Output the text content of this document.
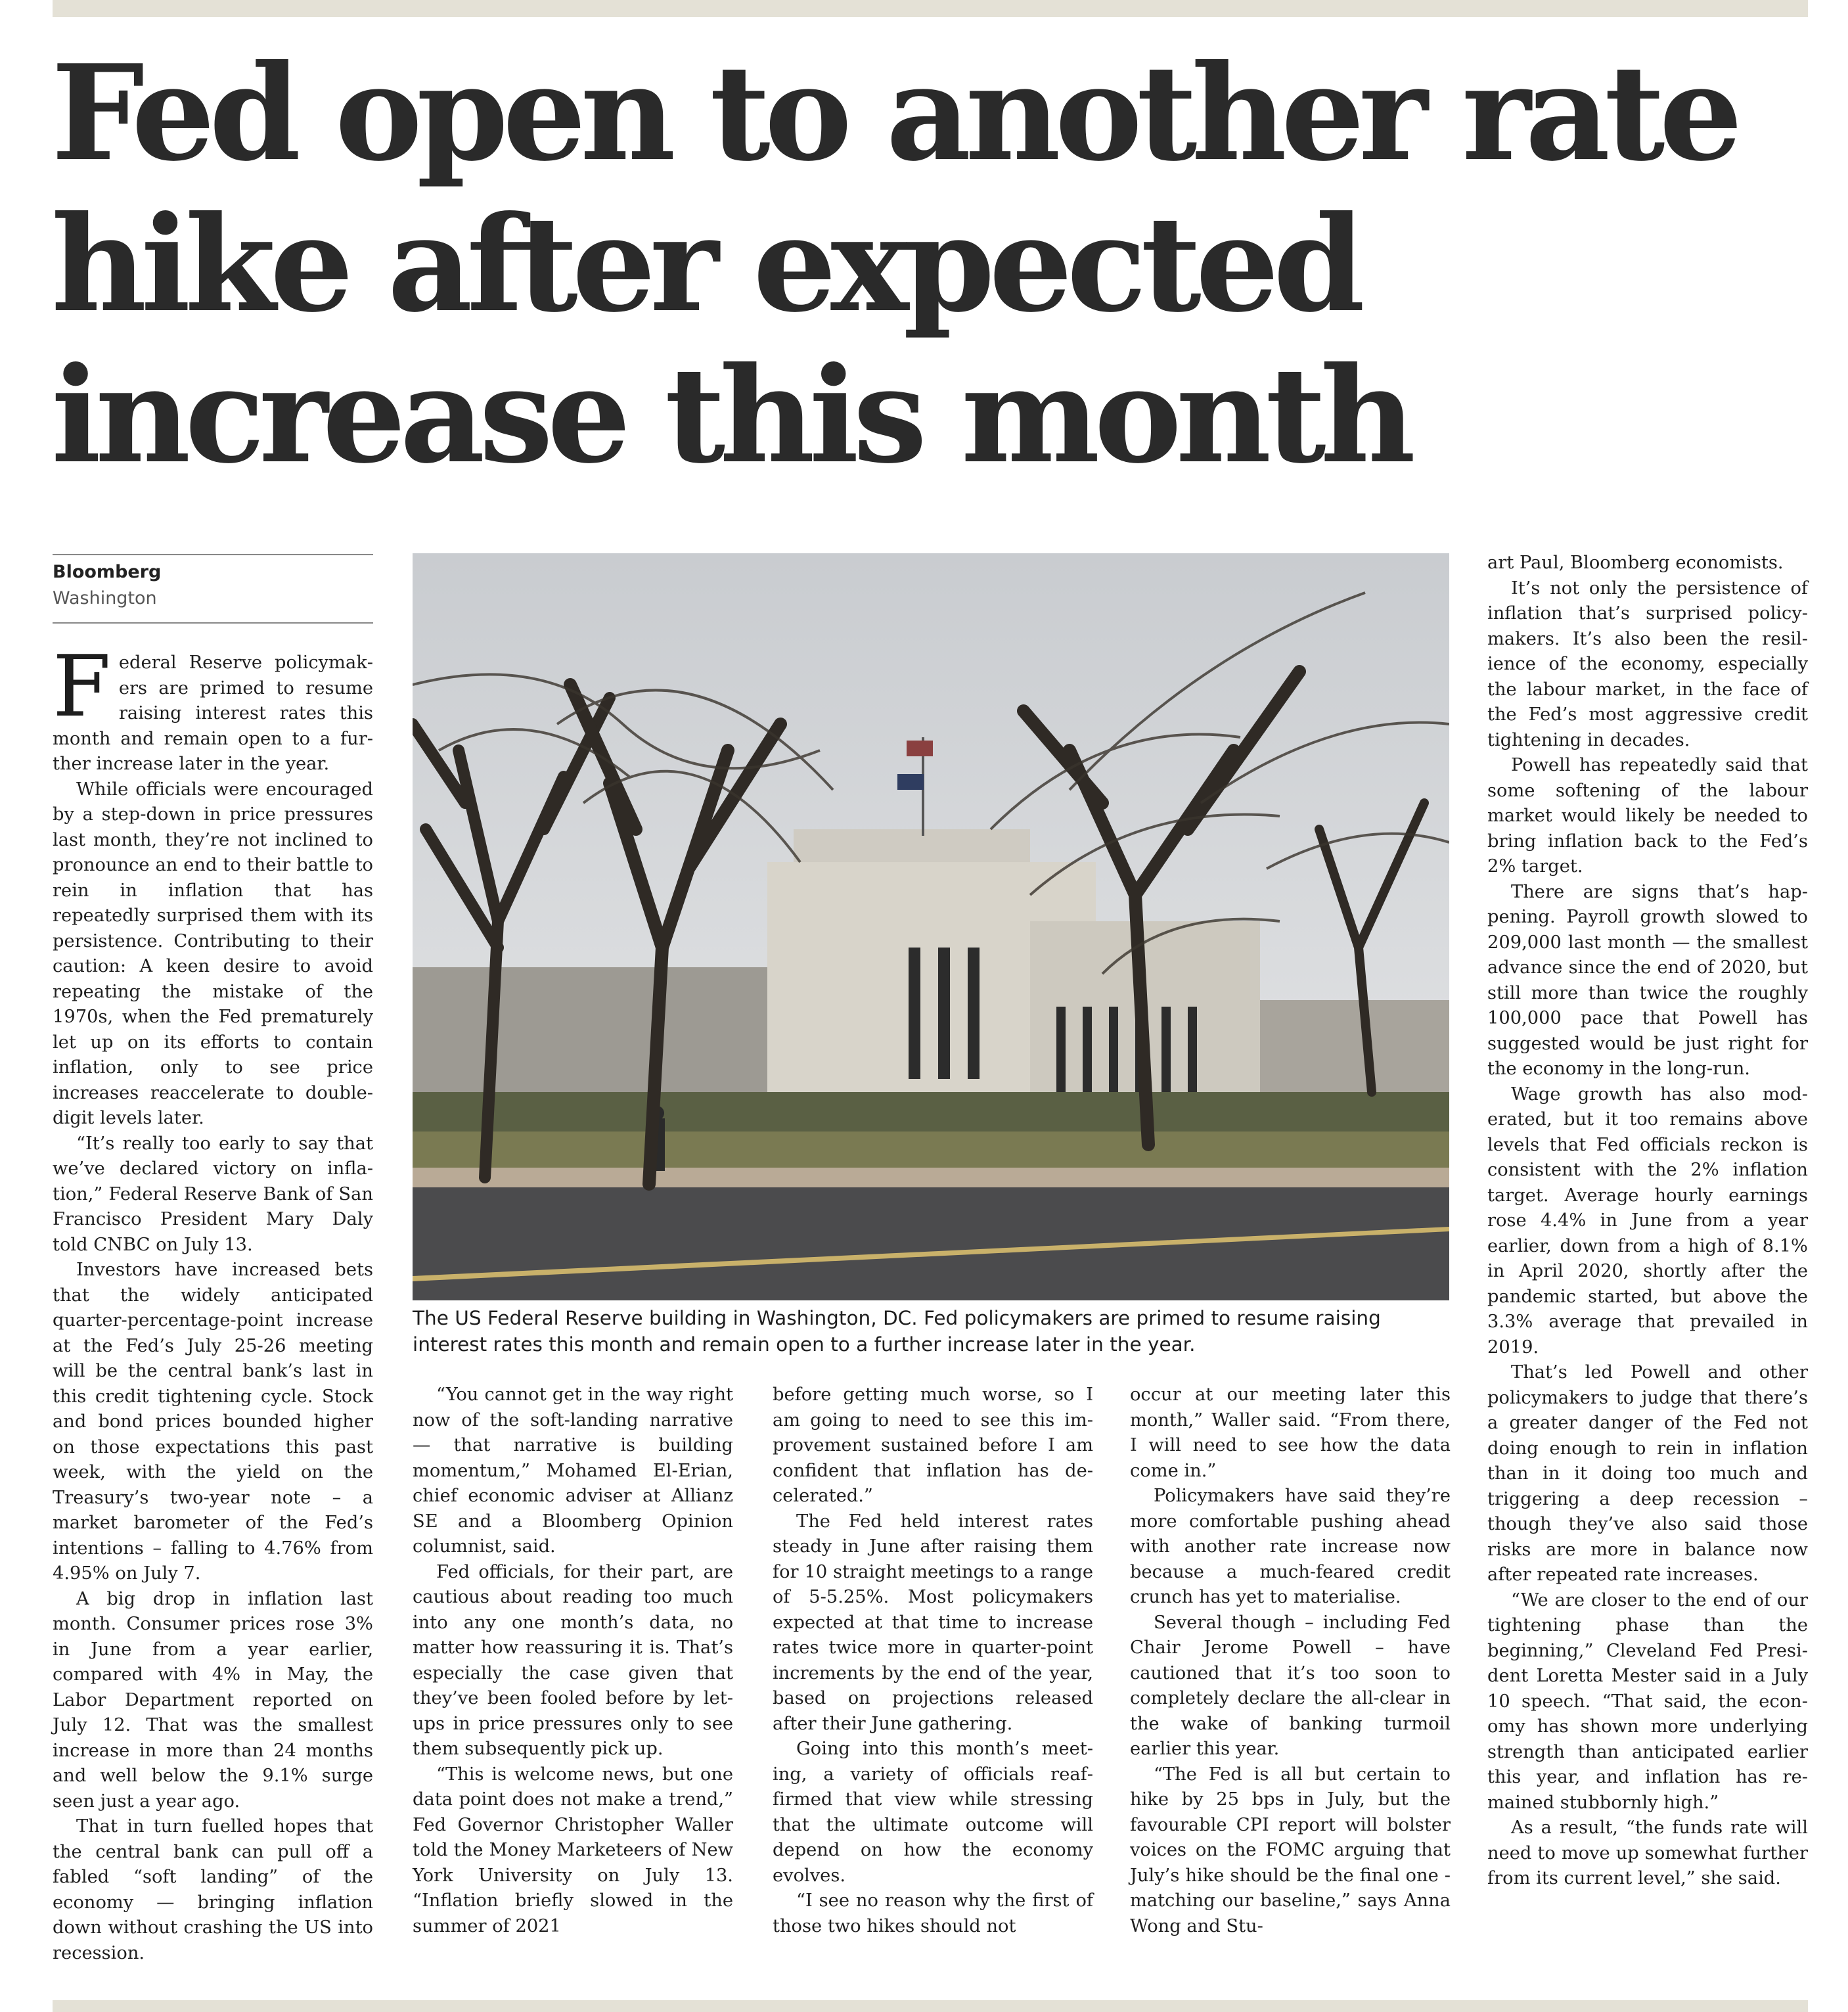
Fed open to another rate hike after expected increase this month
Bloomberg
Washington

Federal Reserve policymakers are primed to resume raising interest rates this month and remain open to a further increase later in the year.

While officials were encouraged by a step-down in price pressures last month, they’re not inclined to pronounce an end to their battle to rein in inflation that has repeatedly surprised them with its persistence. Contributing to their caution: A keen desire to avoid repeating the mistake of the 1970s, when the Fed prematurely let up on its efforts to contain inflation, only to see price increases reaccelerate to double-digit levels later.

“It’s really too early to say that we’ve declared victory on inflation,” Federal Reserve Bank of San Francisco President Mary Daly told CNBC on July 13.

Investors have increased bets that the widely anticipated quarter-percentage-point increase at the Fed’s July 25-26 meeting will be the central bank’s last in this credit tightening cycle. Stock and bond prices bounded higher on those expectations this past week, with the yield on the Treasury’s two-year note – a market barometer of the Fed’s intentions – falling to 4.76% from 4.95% on July 7.

A big drop in inflation last month. Consumer prices rose 3% in June from a year earlier, compared with 4% in May, the Labor Department reported on July 12. That was the smallest increase in more than 24 months and well below the 9.1% surge seen just a year ago.

That in turn fuelled hopes that the central bank can pull off a fabled “soft landing” of the economy — bringing inflation down without crashing the US into recession.

The US Federal Reserve building in Washington, DC. Fed policymakers are primed to resume raising interest rates this month and remain open to a further increase later in the year.

“You cannot get in the way right now of the soft-landing narrative — that narrative is building momentum,” Mohamed El-Erian, chief economic adviser at Allianz SE and a Bloomberg Opinion columnist, said.

Fed officials, for their part, are cautious about reading too much into any one month’s data, no matter how reassuring it is. That’s especially the case given that they’ve been fooled before by let-ups in price pressures only to see them subsequently pick up.

“This is welcome news, but one data point does not make a trend,” Fed Governor Christopher Waller told the Money Marketeers of New York University on July 13. “Inflation briefly slowed in the summer of 2021

before getting much worse, so I am going to need to see this improvement sustained before I am confident that inflation has decelerated.”

The Fed held interest rates steady in June after raising them for 10 straight meetings to a range of 5-5.25%. Most policymakers expected at that time to increase rates twice more in quarter-point increments by the end of the year, based on projections released after their June gathering.

Going into this month’s meeting, a variety of officials reaffirmed that view while stressing that the ultimate outcome will depend on how the economy evolves.

“I see no reason why the first of those two hikes should not

occur at our meeting later this month,” Waller said. “From there, I will need to see how the data come in.”

Policymakers have said they’re more comfortable pushing ahead with another rate increase now because a much-feared credit crunch has yet to materialise.

Several though – including Fed Chair Jerome Powell – have cautioned that it’s too soon to completely declare the all-clear in the wake of banking turmoil earlier this year.

“The Fed is all but certain to hike by 25 bps in July, but the favourable CPI report will bolster voices on the FOMC arguing that July’s hike should be the final one - matching our baseline,” says Anna Wong and Stu-

art Paul, Bloomberg economists.

It’s not only the persistence of inflation that’s surprised policymakers. It’s also been the resilience of the economy, especially the labour market, in the face of the Fed’s most aggressive credit tightening in decades.

Powell has repeatedly said that some softening of the labour market would likely be needed to bring inflation back to the Fed’s 2% target.

There are signs that’s happening. Payroll growth slowed to 209,000 last month — the smallest advance since the end of 2020, but still more than twice the roughly 100,000 pace that Powell has suggested would be just right for the economy in the long-run.

Wage growth has also moderated, but it too remains above levels that Fed officials reckon is consistent with the 2% inflation target. Average hourly earnings rose 4.4% in June from a year earlier, down from a high of 8.1% in April 2020, shortly after the pandemic started, but above the 3.3% average that prevailed in 2019.

That’s led Powell and other policymakers to judge that there’s a greater danger of the Fed not doing enough to rein in inflation than in it doing too much and triggering a deep recession – though they’ve also said those risks are more in balance now after repeated rate increases.

“We are closer to the end of our tightening phase than the beginning,” Cleveland Fed President Loretta Mester said in a July 10 speech. “That said, the economy has shown more underlying strength than anticipated earlier this year, and inflation has remained stubbornly high.”

As a result, “the funds rate will need to move up somewhat further from its current level,” she said.
